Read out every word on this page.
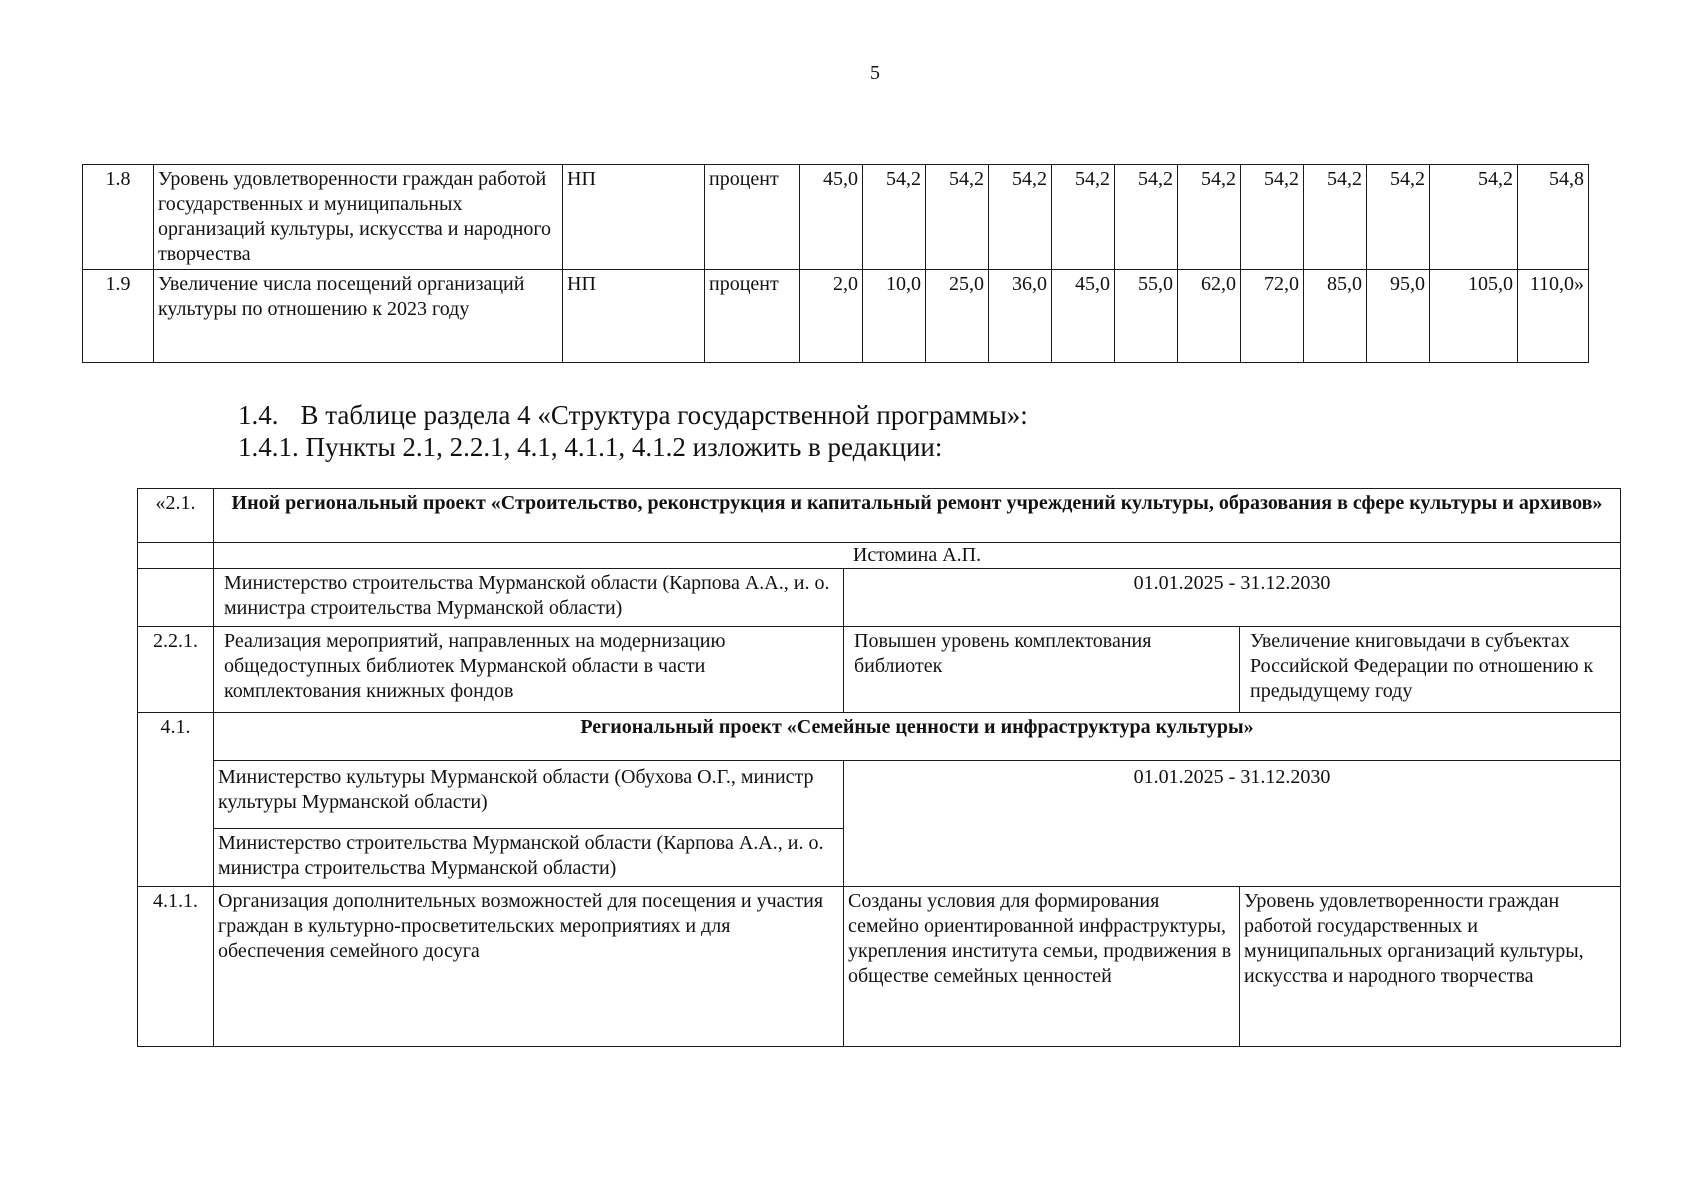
5
1.8	Уровень удовлетворенности граждан работой государственных и муниципальных организаций культуры, искусства и народного творчества	НП	процент	45,0	54,2	54,2	54,2	54,2	54,2	54,2	54,2	54,2	54,2	54,2	54,8
1.9	Увеличение числа посещений организаций культуры по отношению к 2023 году	НП	процент	2,0	10,0	25,0	36,0	45,0	55,0	62,0	72,0	85,0	95,0	105,0	110,0»
1.4. В таблице раздела 4 «Структура государственной программы»:
1.4.1. Пункты 2.1, 2.2.1, 4.1, 4.1.1, 4.1.2 изложить в редакции:
«2.1.	Иной региональный проект «Строительство, реконструкция и капитальный ремонт учреждений культуры, образования в сфере культуры и архивов»		
	Истомина А.П.		
	Министерство строительства Мурманской области (Карпова А.А., и. о. министра строительства Мурманской области)	01.01.2025 - 31.12.2030	
2.2.1.	Реализация мероприятий, направленных на модернизацию общедоступных библиотек Мурманской области в части комплектования книжных фондов	Повышен уровень комплектования библиотек	Увеличение книговыдачи в субъектах Российской Федерации по отношению к предыдущему году
4.1.	Региональный проект «Семейные ценности и инфраструктура культуры»		
	Министерство культуры Мурманской области (Обухова О.Г., министр культуры Мурманской области)	01.01.2025 - 31.12.2030	
	Министерство строительства Мурманской области (Карпова А.А., и. о. министра строительства Мурманской области)		
4.1.1.	Организация дополнительных возможностей для посещения и участия граждан в культурно-просветительских мероприятиях и для обеспечения семейного досуга	Созданы условия для формирования семейно ориентированной инфраструктуры, укрепления института семьи, продвижения в обществе семейных ценностей	Уровень удовлетворенности граждан работой государственных и муниципальных организаций культуры, искусства и народного творчества
